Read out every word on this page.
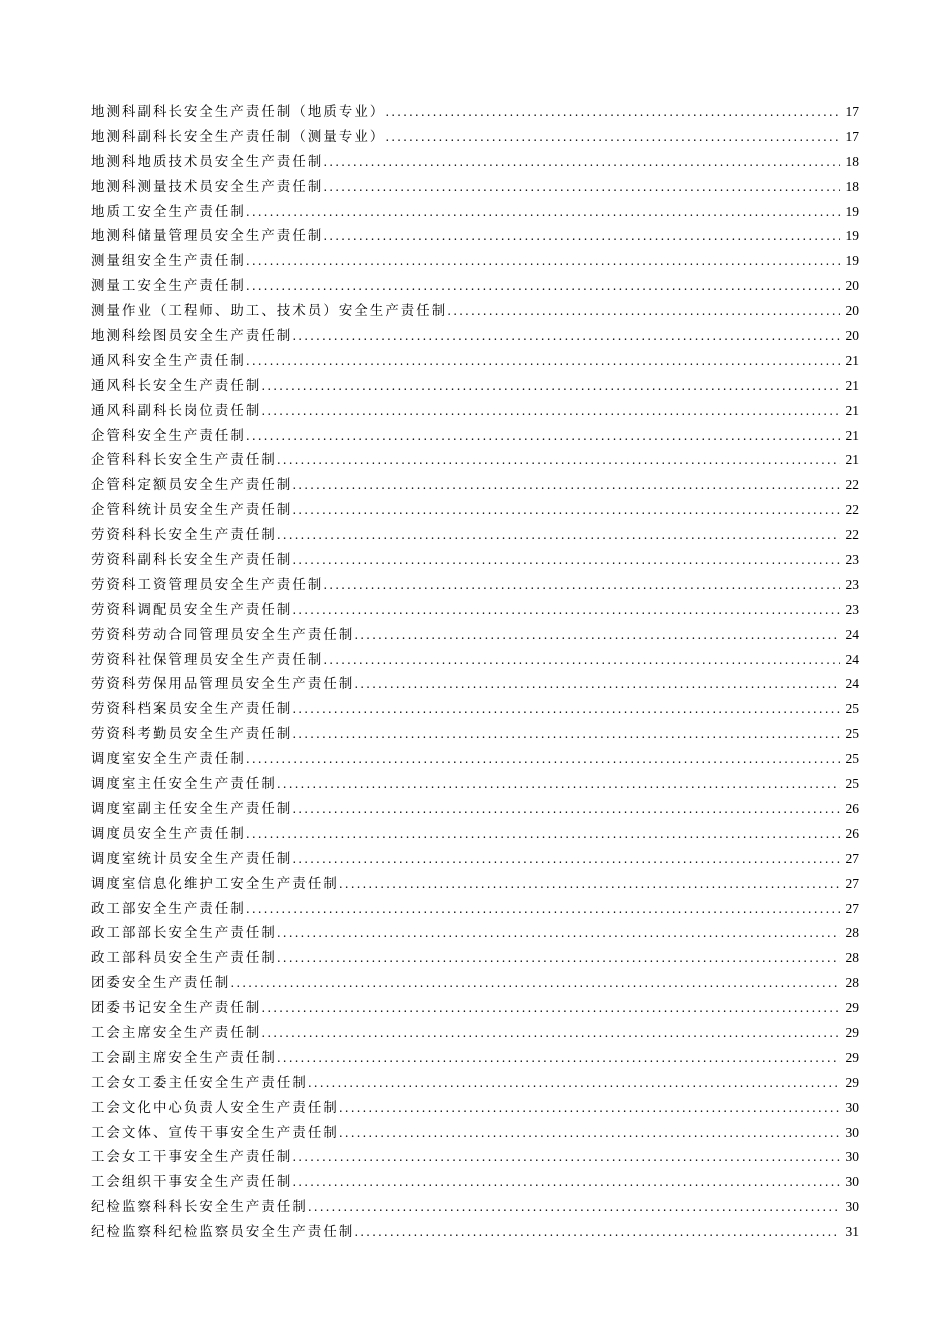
地测科副科长安全生产责任制（地质专业） .....	17
地测科副科长安全生产责任制（测量专业） .....	17
地测科地质技术员安全生产责任制 .....	18
地测科测量技术员安全生产责任制 .....	18
地质工安全生产责任制 .....	19
地测科储量管理员安全生产责任制 .....	19
测量组安全生产责任制 .....	19
测量工安全生产责任制 .....	20
测量作业（工程师、助工、技术员）安全生产责任制 .....	20
地测科绘图员安全生产责任制 .....	20
通风科安全生产责任制 .....	21
通风科长安全生产责任制 .....	21
通风科副科长岗位责任制 .....	21
企管科安全生产责任制 .....	21
企管科科长安全生产责任制 .....	21
企管科定额员安全生产责任制 .....	22
企管科统计员安全生产责任制 .....	22
劳资科科长安全生产责任制 .....	22
劳资科副科长安全生产责任制 .....	23
劳资科工资管理员安全生产责任制 .....	23
劳资科调配员安全生产责任制 .....	23
劳资科劳动合同管理员安全生产责任制 .....	24
劳资科社保管理员安全生产责任制 .....	24
劳资科劳保用品管理员安全生产责任制 .....	24
劳资科档案员安全生产责任制 .....	25
劳资科考勤员安全生产责任制 .....	25
调度室安全生产责任制 .....	25
调度室主任安全生产责任制 .....	25
调度室副主任安全生产责任制 .....	26
调度员安全生产责任制 .....	26
调度室统计员安全生产责任制 .....	27
调度室信息化维护工安全生产责任制 .....	27
政工部安全生产责任制 .....	27
政工部部长安全生产责任制 .....	28
政工部科员安全生产责任制 .....	28
团委安全生产责任制 .....	28
团委书记安全生产责任制 .....	29
工会主席安全生产责任制 .....	29
工会副主席安全生产责任制 .....	29
工会女工委主任安全生产责任制 .....	29
工会文化中心负责人安全生产责任制 .....	30
工会文体、宣传干事安全生产责任制 .....	30
工会女工干事安全生产责任制 .....	30
工会组织干事安全生产责任制 .....	30
纪检监察科科长安全生产责任制 .....	30
纪检监察科纪检监察员安全生产责任制 .....	31
